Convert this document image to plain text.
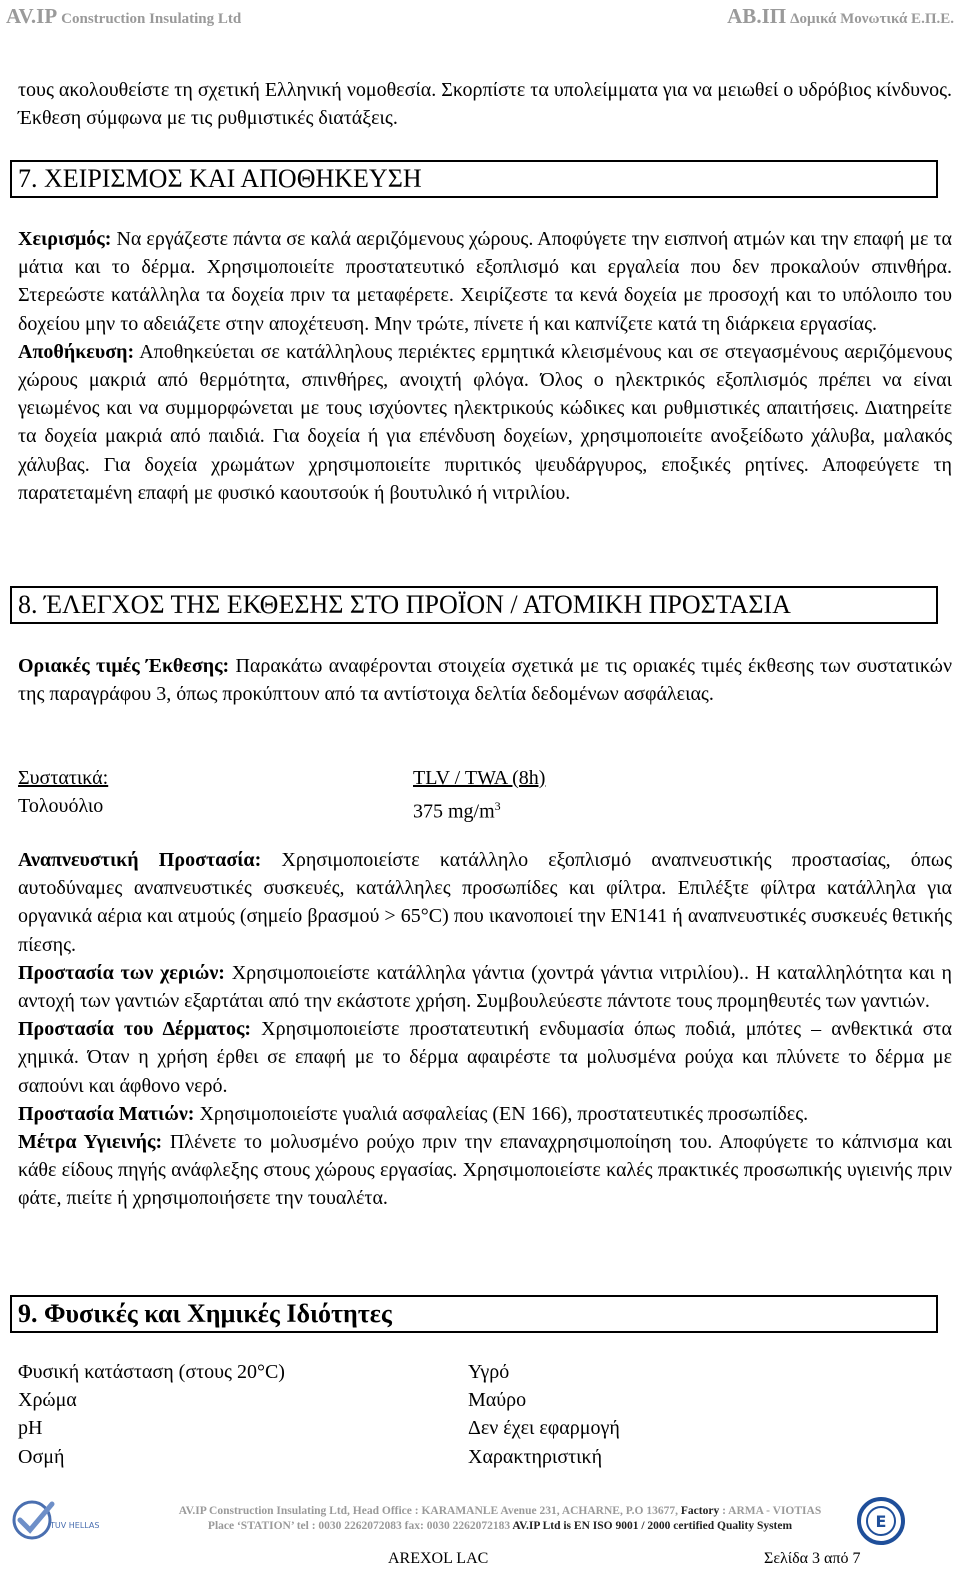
AV.IP Construction Insulating Ltd	ΑΒ.ΙΠ Δομικά Μονωτικά Ε.Π.Ε.

τους ακολουθείστε τη σχετική Ελληνική νομοθεσία. Σκορπίστε τα υπολείμματα για να μειωθεί ο υδρόβιος κίνδυνος. Έκθεση σύμφωνα με τις ρυθμιστικές διατάξεις.

7. ΧΕΙΡΙΣΜΟΣ ΚΑΙ ΑΠΟΘΗΚΕΥΣΗ

Χειρισμός: Να εργάζεστε πάντα σε καλά αεριζόμενους χώρους. Αποφύγετε την εισπνοή ατμών και την επαφή με τα μάτια και το δέρμα. Χρησιμοποιείτε προστατευτικό εξοπλισμό και εργαλεία που δεν προκαλούν σπινθήρα. Στερεώστε κατάλληλα τα δοχεία πριν τα μεταφέρετε. Χειρίζεστε τα κενά δοχεία με προσοχή και το υπόλοιπο του δοχείου μην το αδειάζετε στην αποχέτευση. Μην τρώτε, πίνετε ή και καπνίζετε κατά τη διάρκεια εργασίας.

Αποθήκευση: Αποθηκεύεται σε κατάλληλους περιέκτες ερμητικά κλεισμένους και σε στεγασμένους αεριζόμενους χώρους μακριά από θερμότητα, σπινθήρες, ανοιχτή φλόγα. Όλος ο ηλεκτρικός εξοπλισμός πρέπει να είναι γειωμένος και να συμμορφώνεται με τους ισχύοντες ηλεκτρικούς κώδικες και ρυθμιστικές απαιτήσεις. Διατηρείτε τα δοχεία μακριά από παιδιά. Για δοχεία ή για επένδυση δοχείων, χρησιμοποιείτε ανοξείδωτο χάλυβα, μαλακός χάλυβας. Για δοχεία χρωμάτων χρησιμοποιείτε πυριτικός ψευδάργυρος, εποξικές ρητίνες. Αποφεύγετε τη παρατεταμένη επαφή με φυσικό καουτσούκ ή βουτυλικό ή νιτριλίου.

8. ΈΛΕΓΧΟΣ ΤΗΣ ΕΚΘΕΣΗΣ ΣΤΟ ΠΡΟΪΟΝ / ΑΤΟΜΙΚΗ ΠΡΟΣΤΑΣΙΑ

Οριακές τιμές Έκθεσης: Παρακάτω αναφέρονται στοιχεία σχετικά με τις οριακές τιμές έκθεσης των συστατικών της παραγράφου 3, όπως προκύπτουν από τα αντίστοιχα δελτία δεδομένων ασφάλειας.

Συστατικά:	TLV / TWA (8h)
Τολουόλιο	375 $mg/m^3$

Αναπνευστική Προστασία: Χρησιμοποιείστε κατάλληλο εξοπλισμό αναπνευστικής προστασίας, όπως αυτοδύναμες αναπνευστικές συσκευές, κατάλληλες προσωπίδες και φίλτρα. Επιλέξτε φίλτρα κατάλληλα για οργανικά αέρια και ατμούς (σημείο βρασμού > 65°C) που ικανοποιεί την EN141 ή αναπνευστικές συσκευές θετικής πίεσης.

Προστασία των χεριών: Χρησιμοποιείστε κατάλληλα γάντια (χοντρά γάντια νιτριλίου).. Η καταλληλότητα και η αντοχή των γαντιών εξαρτάται από την εκάστοτε χρήση. Συμβουλεύεστε πάντοτε τους προμηθευτές των γαντιών.

Προστασία του Δέρματος: Χρησιμοποιείστε προστατευτική ενδυμασία όπως ποδιά, μπότες – ανθεκτικά στα χημικά. Όταν η χρήση έρθει σε επαφή με το δέρμα αφαιρέστε τα μολυσμένα ρούχα και πλύνετε το δέρμα με σαπούνι και άφθονο νερό.

Προστασία Ματιών: Χρησιμοποιείστε γυαλιά ασφαλείας (EN 166), προστατευτικές προσωπίδες.

Μέτρα Υγιεινής: Πλένετε το μολυσμένο ρούχο πριν την επαναχρησιμοποίηση του. Αποφύγετε το κάπνισμα και κάθε είδους πηγής ανάφλεξης στους χώρους εργασίας. Χρησιμοποιείστε καλές πρακτικές προσωπικής υγιεινής πριν φάτε, πιείτε ή χρησιμοποιήσετε την τουαλέτα.

9. Φυσικές και Χημικές Ιδιότητες
Φυσική κατάσταση (στους 20°C)	Υγρό
Χρώμα	Μαύρο
pH	Δεν έχει εφαρμογή
Οσμή	Χαρακτηριστική
TUV HELLAS
AV.IP Construction Insulating Ltd, Head Office : KARAMANLE Avenue 231, ACHARNE, P.O 13677, Factory : ARMA - VIOTIAS
Place ‘STATION’ tel : 0030 2262072083 fax: 0030 2262072183 AV.IP Ltd is EN ISO 9001 / 2000 certified Quality System	Ε
AREXOL LAC	Σελίδα 3 από 7
